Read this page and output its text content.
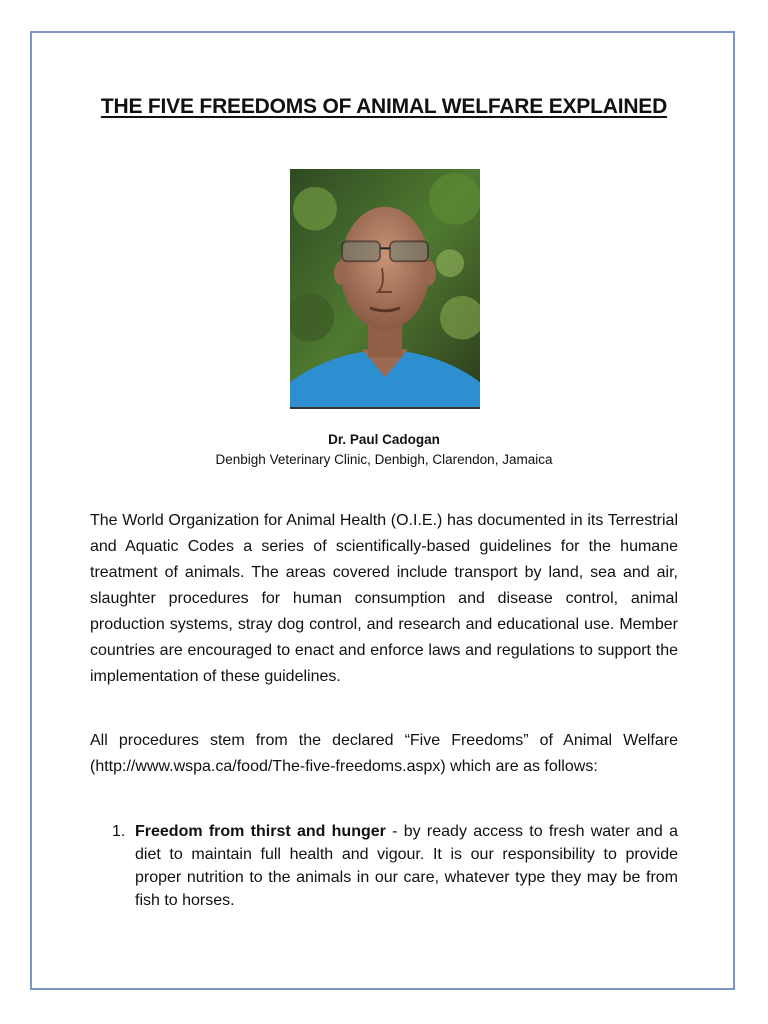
THE FIVE FREEDOMS OF ANIMAL WELFARE EXPLAINED
Dr. Paul Cadogan
Denbigh Veterinary Clinic, Denbigh, Clarendon, Jamaica

The World Organization for Animal Health (O.I.E.) has documented in its Terrestrial and Aquatic Codes a series of scientifically-based guidelines for the humane treatment of animals. The areas covered include transport by land, sea and air, slaughter procedures for human consumption and disease control, animal production systems, stray dog control, and research and educational use. Member countries are encouraged to enact and enforce laws and regulations to support the implementation of these guidelines.

All procedures stem from the declared “Five Freedoms” of Animal Welfare (http://www.wspa.ca/food/The-five-freedoms.aspx) which are as follows:

1. Freedom from thirst and hunger - by ready access to fresh water and a diet to maintain full health and vigour. It is our responsibility to provide proper nutrition to the animals in our care, whatever type they may be from fish to horses.
